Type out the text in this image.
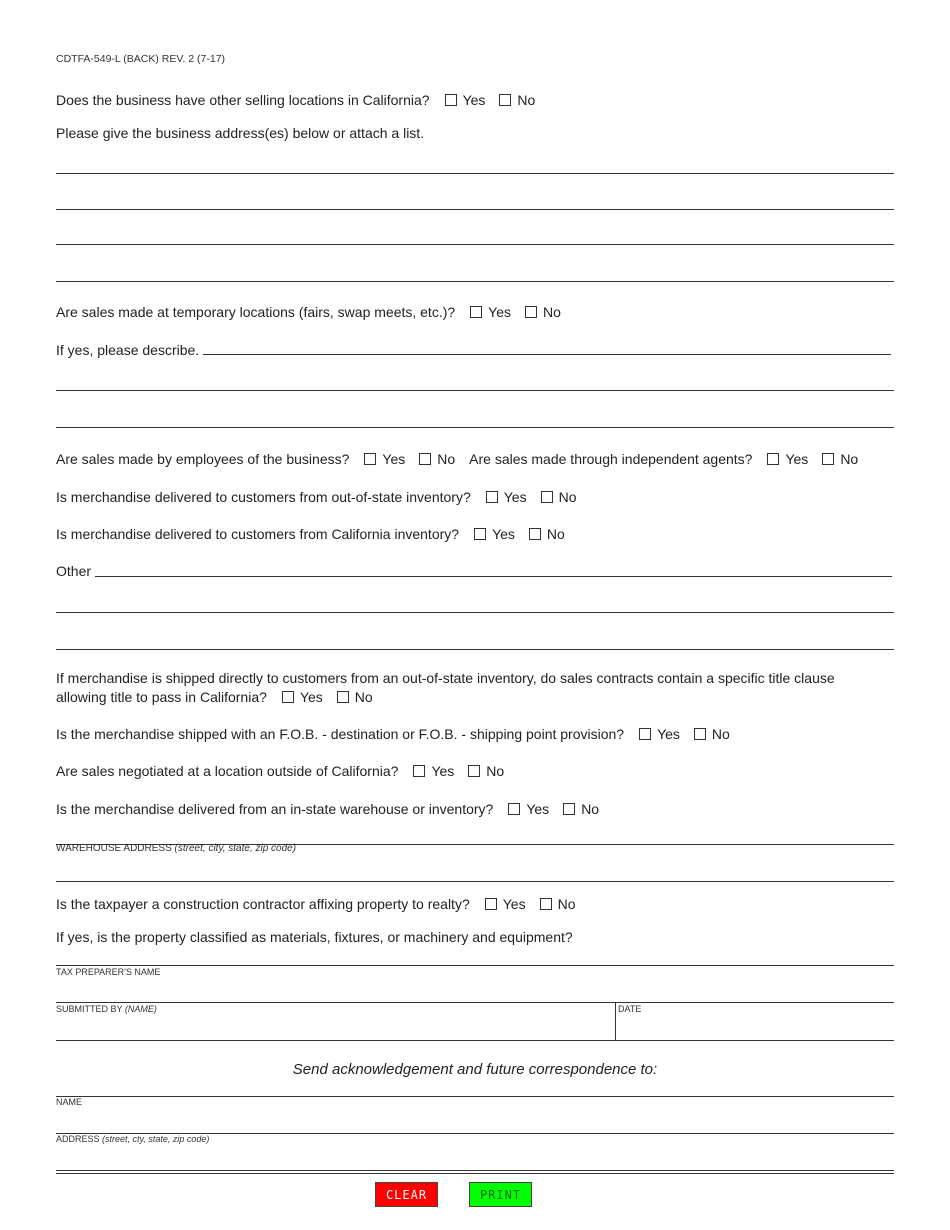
CDTFA-549-L (BACK) REV. 2 (7-17)
Does the business have other selling locations in California? Yes No
Please give the business address(es) below or attach a list.
Are sales made at temporary locations (fairs, swap meets, etc.)? Yes No
If yes, please describe.
Are sales made by employees of the business? Yes No Are sales made through independent agents? Yes No
Is merchandise delivered to customers from out-of-state inventory? Yes No
Is merchandise delivered to customers from California inventory? Yes No
Other
If merchandise is shipped directly to customers from an out-of-state inventory, do sales contracts contain a specific title clause
allowing title to pass in California? Yes No
Is the merchandise shipped with an F.O.B. - destination or F.O.B. - shipping point provision? Yes No
Are sales negotiated at a location outside of California? Yes No
Is the merchandise delivered from an in-state warehouse or inventory? Yes No
WAREHOUSE ADDRESS (street, city, state, zip code)
Is the taxpayer a construction contractor affixing property to realty? Yes No
If yes, is the property classified as materials, fixtures, or machinery and equipment?
TAX PREPARER'S NAME
SUBMITTED BY (NAME)	DATE
Send acknowledgement and future correspondence to:
NAME
ADDRESS (street, cty, state, zip code)
CLEAR	PRINT
